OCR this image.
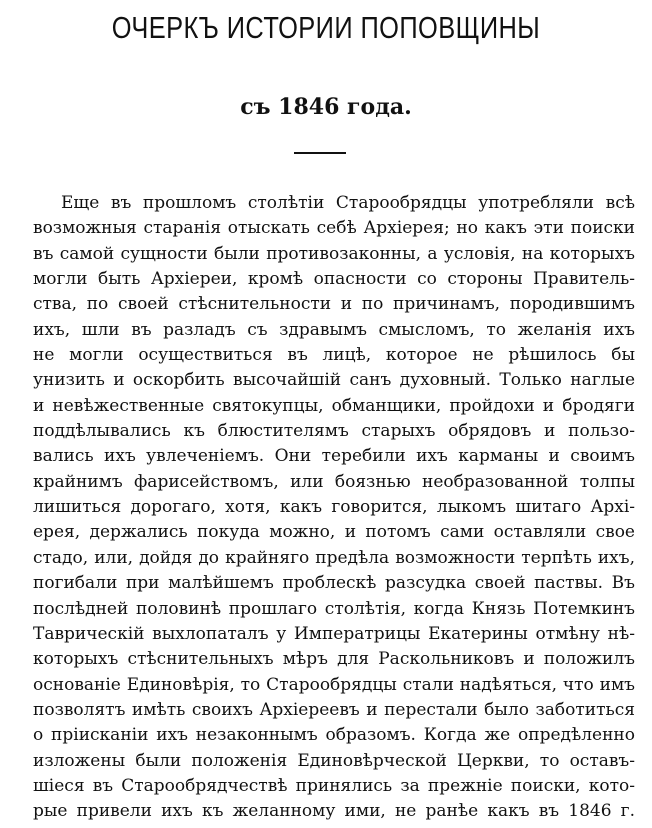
ОЧЕРКЪ ИСТОРИИ ПОПОВЩИНЫ
съ 1846 года.
Еще въ прошломъ столѣтіи Старообрядцы употребляли всѣ
возможныя старанія отыскать себѣ Архіерея; но какъ эти поиски
въ самой сущности были противозаконны, а условія, на которыхъ
могли быть Архіереи, кромѣ опасности со стороны Правитель-
ства, по своей стѣснительности и по причинамъ, породившимъ
ихъ, шли въ разладъ съ здравымъ смысломъ, то желанія ихъ
не могли осуществиться въ лицѣ, которое не рѣшилось бы
унизить и оскорбить высочайшій санъ духовный. Только наглые
и невѣжественные святокупцы, обманщики, пройдохи и бродяги
поддѣлывались къ блюстителямъ старыхъ обрядовъ и пользо-
вались ихъ увлеченіемъ. Они теребили ихъ карманы и своимъ
крайнимъ фарисействомъ, или боязнью необразованной толпы
лишиться дорогаго, хотя, какъ говорится, лыкомъ шитаго Архі-
ерея, держались покуда можно, и потомъ сами оставляли свое
стадо, или, дойдя до крайняго предѣла возможности терпѣть ихъ,
погибали при малѣйшемъ проблескѣ разсудка своей паствы. Въ
послѣдней половинѣ прошлаго столѣтія, когда Князь Потемкинъ
Таврическій выхлопаталъ у Императрицы Екатерины отмѣну нѣ-
которыхъ стѣснительныхъ мѣръ для Раскольниковъ и положилъ
основаніе Единовѣрія, то Старообрядцы стали надѣяться, что имъ
позволятъ имѣть своихъ Архіереевъ и перестали было заботиться
о пріисканіи ихъ незаконнымъ образомъ. Когда же опредѣленно
изложены были положенія Единовѣрческой Церкви, то оставъ-
шіеся въ Старообрядчествѣ принялись за прежніе поиски, кото-
рые привели ихъ къ желанному ими, не ранѣе какъ въ 1846 г.
